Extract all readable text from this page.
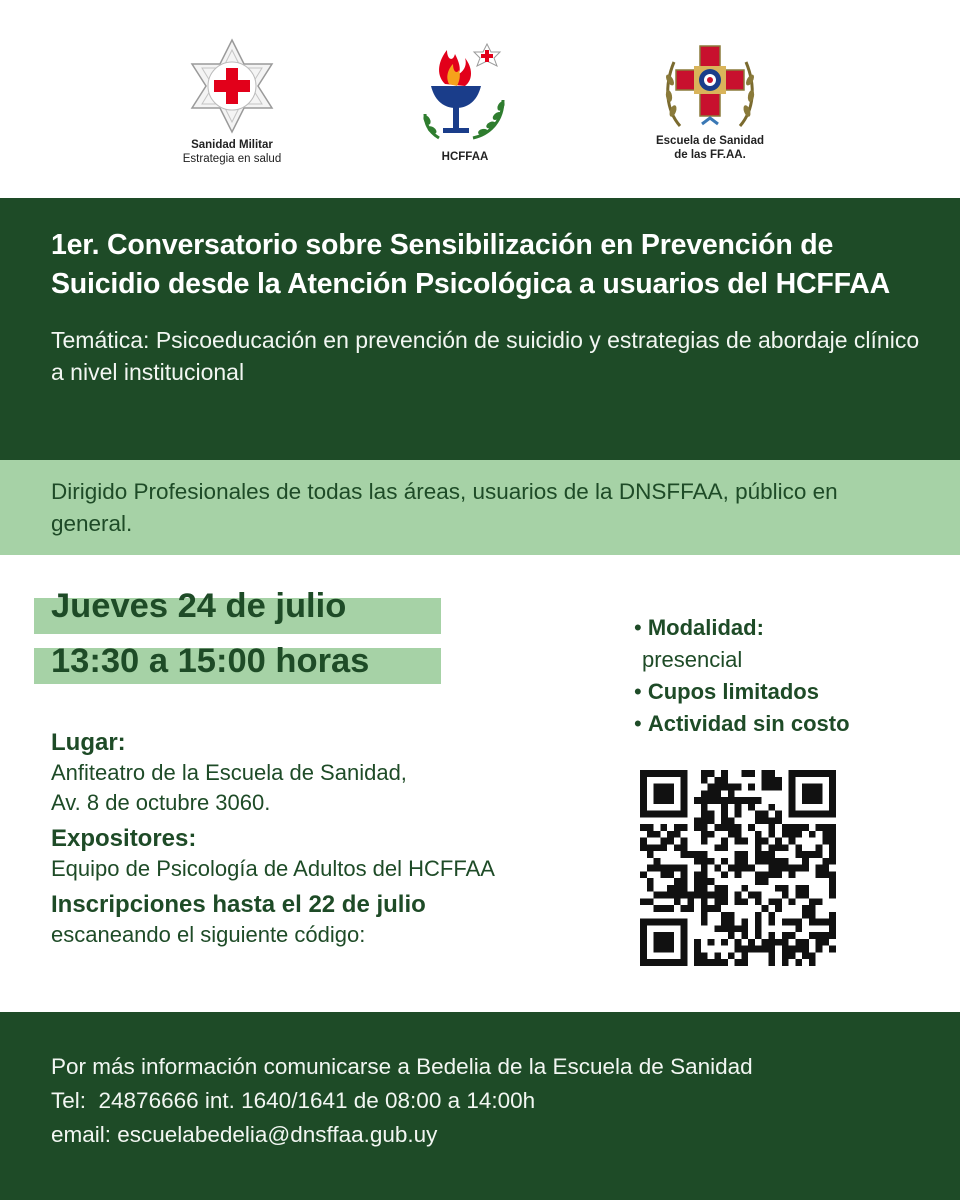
Sanidad Militar
Estrategia en salud	HCFFAA
Escuela de Sanidad
de las FF.AA.
1er. Conversatorio sobre Sensibilización en Prevención de Suicidio desde la Atención Psicológica a usuarios del HCFFAA
Temática: Psicoeducación en prevención de suicidio y estrategias de abordaje clínico a nivel institucional
Dirigido Profesionales de todas las áreas, usuarios de la DNSFFAA, público en general.
Jueves 24 de julio
13:30 a 15:00 horas
Lugar:
Anfiteatro de la Escuela de Sanidad,
Av. 8 de octubre 3060.
Expositores:
Equipo de Psicología de Adultos del HCFFAA
Inscripciones hasta el 22 de julio
escaneando el siguiente código:
• Modalidad:
presencial
• Cupos limitados
• Actividad sin costo
Por más información comunicarse a Bedelia de la Escuela de Sanidad
Tel:  24876666 int. 1640/1641 de 08:00 a 14:00h
email: escuelabedelia@dnsffaa.gub.uy
